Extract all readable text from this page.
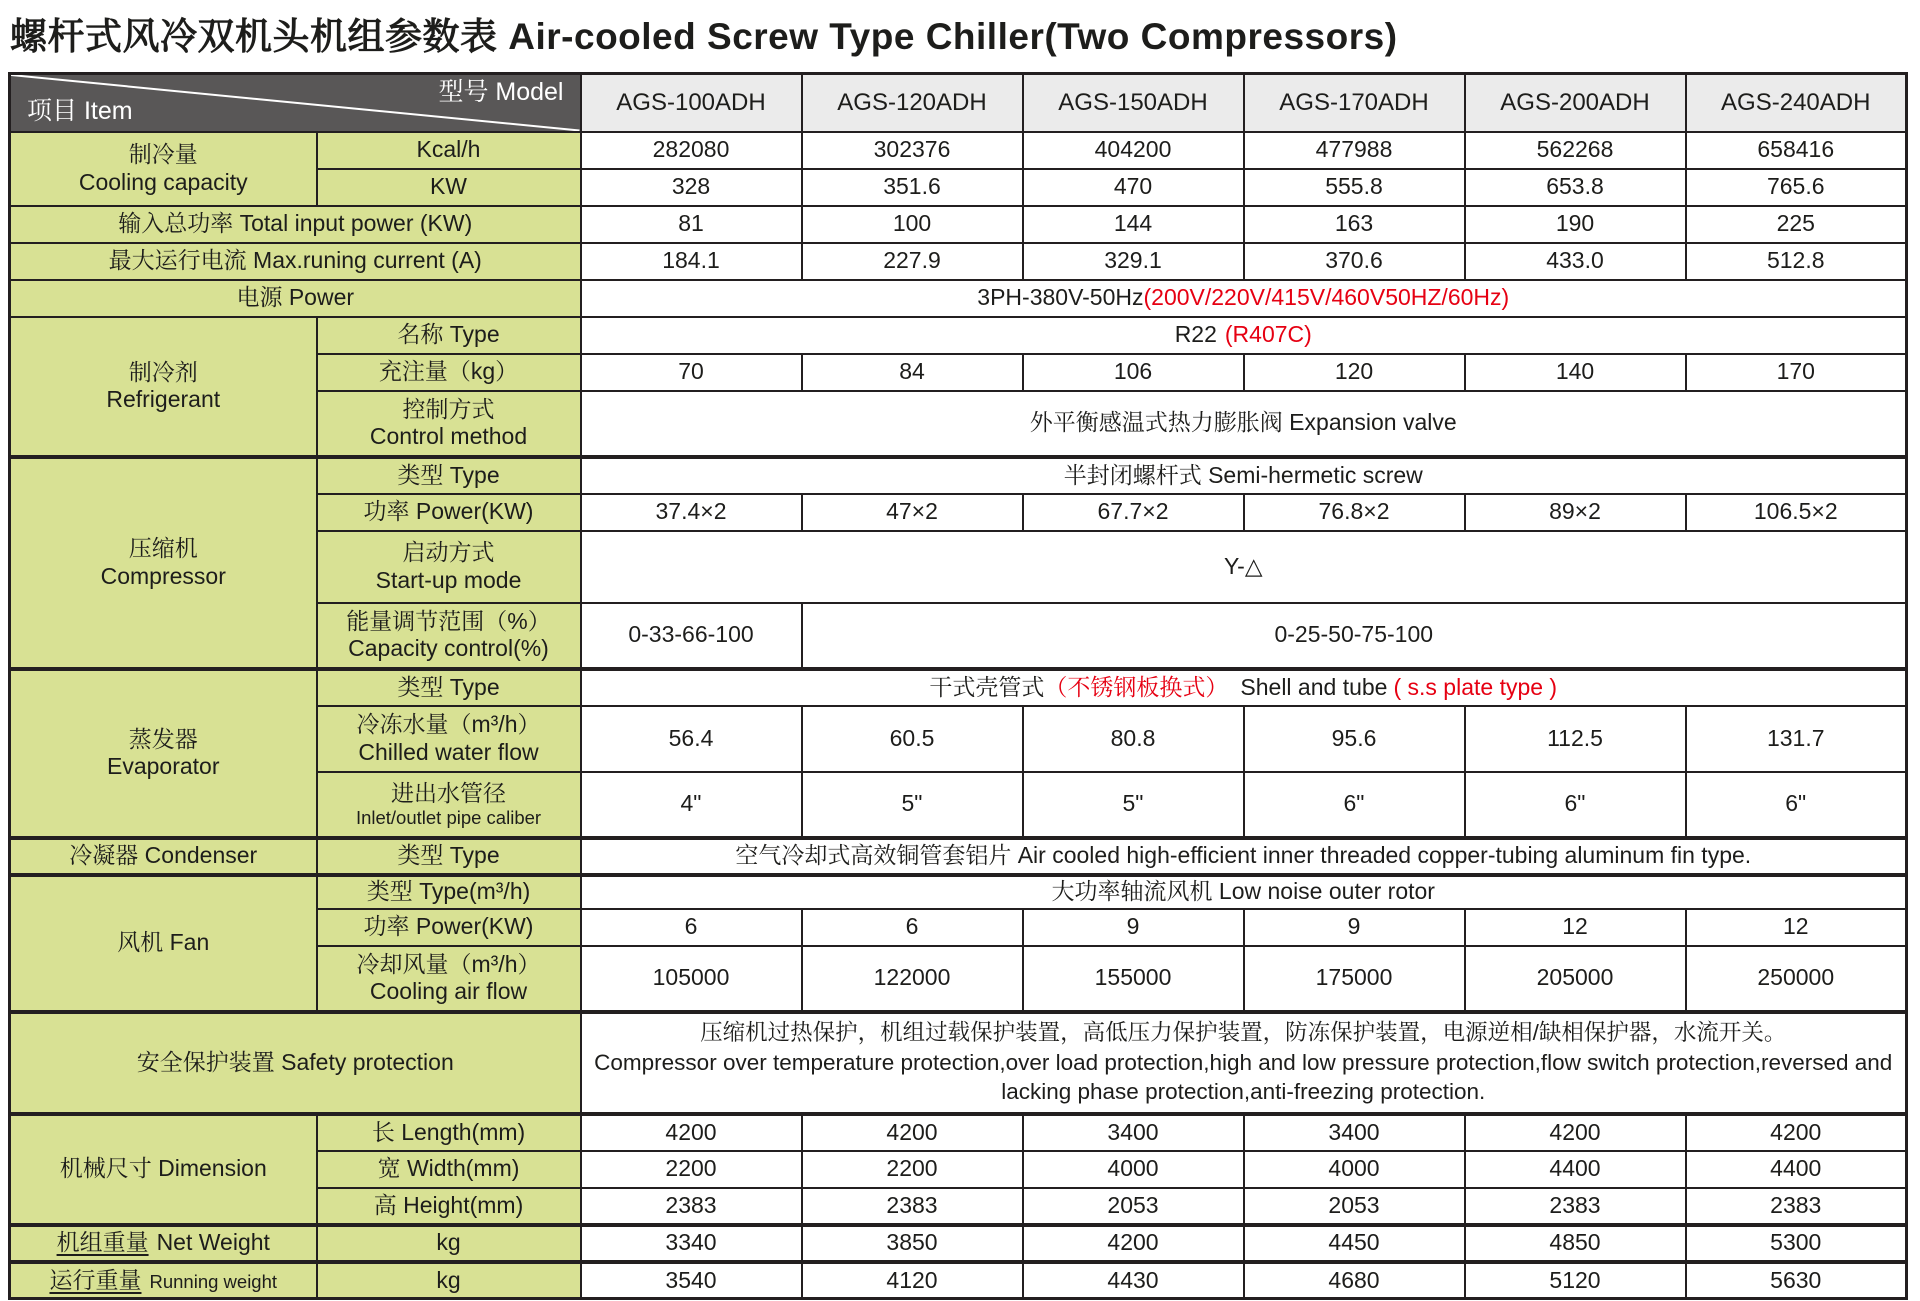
螺杆式风冷双机头机组参数表 Air-cooled Screw Type Chiller(Two Compressors)
型号 Model
项目 Item		AGS-100ADH	AGS-120ADH	AGS-150ADH	AGS-170ADH	AGS-200ADH	AGS-240ADH

制冷量
Cooling capacity	Kcal/h	282080	302376	404200	477988	562268	658416
	KW	328	351.6	470	555.8	653.8	765.6
输入总功率 Total input power (KW)		81	100	144	163	190	225
最大运行电流 Max.runing current (A)		184.1	227.9	329.1	370.6	433.0	512.8
电源 Power		3PH-380V-50Hz(200V/220V/415V/460V50HZ/60Hz)					

制冷剂
Refrigerant	名称 Type	R22 (R407C)					
	充注量（kg）	70	84	106	120	140	170

	控制方式
Control method	外平衡感温式热力膨胀阀 Expansion valve					

压缩机
Compressor	类型 Type	半封闭螺杆式 Semi-hermetic screw					
	功率 Power(KW)	37.4×2	47×2	67.7×2	76.8×2	89×2	106.5×2

	启动方式
Start-up mode	Y-△					

	能量调节范围（%）
Capacity control(%)	0-33-66-100	0-25-50-75-100				

蒸发器
Evaporator	类型 Type	干式壳管式（不锈钢板换式） Shell and tube ( s.s plate type )					

	冷冻水量（m³/h）
Chilled water flow	56.4	60.5	80.8	95.6	112.5	131.7

	进出水管径
Inlet/outlet pipe caliber	4"	5"	5"	6"	6"	6"
冷凝器 Condenser	类型 Type	空气冷却式高效铜管套铝片 Air cooled high-efficient inner threaded copper-tubing aluminum fin type.					
风机 Fan	类型 Type(m³/h)	大功率轴流风机 Low noise outer rotor					
	功率 Power(KW)	6	6	9	9	12	12

	冷却风量（m³/h）
Cooling air flow	105000	122000	155000	175000	205000	250000
安全保护装置 Safety protection		压缩机过热保护，机组过载保护装置，高低压力保护装置，防冻保护装置，电源逆相/缺相保护器，水流开关。
Compressor over temperature protection,over load protection,high and low pressure protection,flow switch protection,reversed and lacking phase protection,anti-freezing protection.					

机械尺寸 Dimension	长 Length(mm)	4200	4200	3400	3400	4200	4200
	宽 Width(mm)	2200	2200	4000	4000	4400	4400
	高 Height(mm)	2383	2383	2053	2053	2383	2383
机组重量 Net Weight	kg	3340	3850	4200	4450	4850	5300
运行重量 Running weight	kg	3540	4120	4430	4680	5120	5630
